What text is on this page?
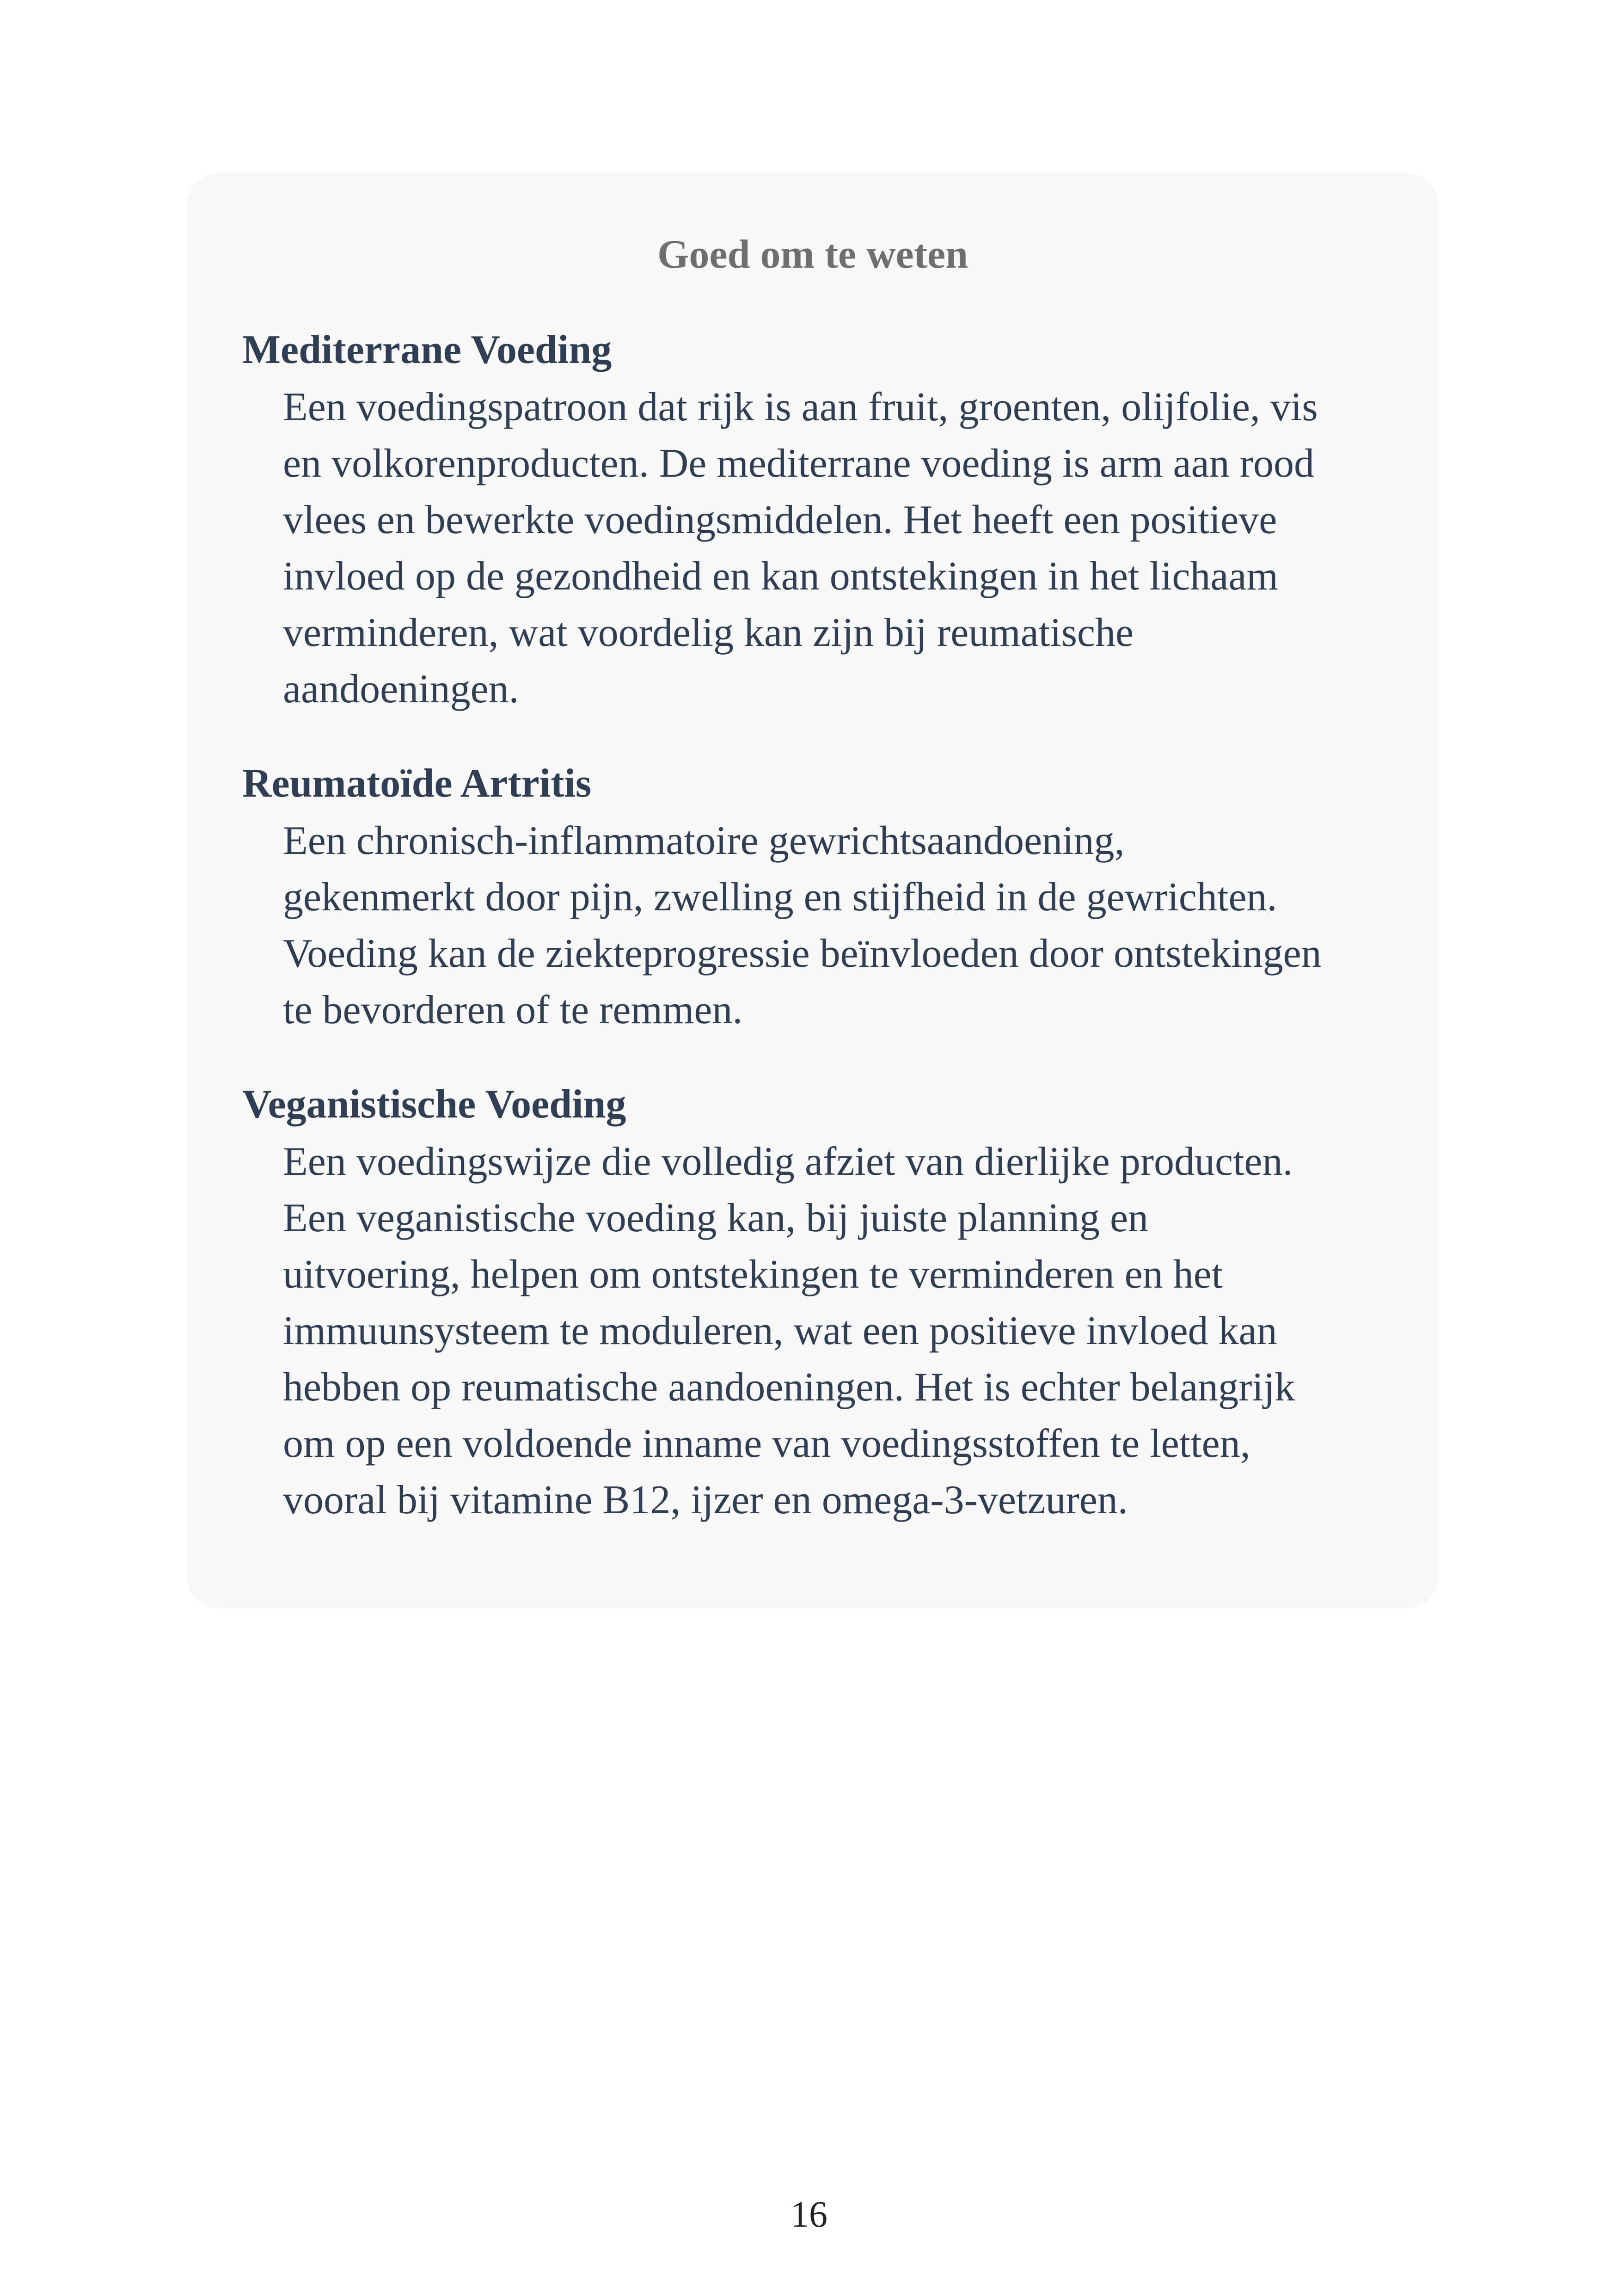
Goed om te weten
Mediterrane Voeding
Een voedingspatroon dat rijk is aan fruit, groenten, olijfolie, vis
en volkorenproducten. De mediterrane voeding is arm aan rood
vlees en bewerkte voedingsmiddelen. Het heeft een positieve
invloed op de gezondheid en kan ontstekingen in het lichaam
verminderen, wat voordelig kan zijn bij reumatische
aandoeningen.
Reumatoïde Artritis
Een chronisch-inflammatoire gewrichtsaandoening,
gekenmerkt door pijn, zwelling en stijfheid in de gewrichten.
Voeding kan de ziekteprogressie beïnvloeden door ontstekingen
te bevorderen of te remmen.
Veganistische Voeding
Een voedingswijze die volledig afziet van dierlijke producten.
Een veganistische voeding kan, bij juiste planning en
uitvoering, helpen om ontstekingen te verminderen en het
immuunsysteem te moduleren, wat een positieve invloed kan
hebben op reumatische aandoeningen. Het is echter belangrijk
om op een voldoende inname van voedingsstoffen te letten,
vooral bij vitamine B12, ijzer en omega-3-vetzuren.
16
